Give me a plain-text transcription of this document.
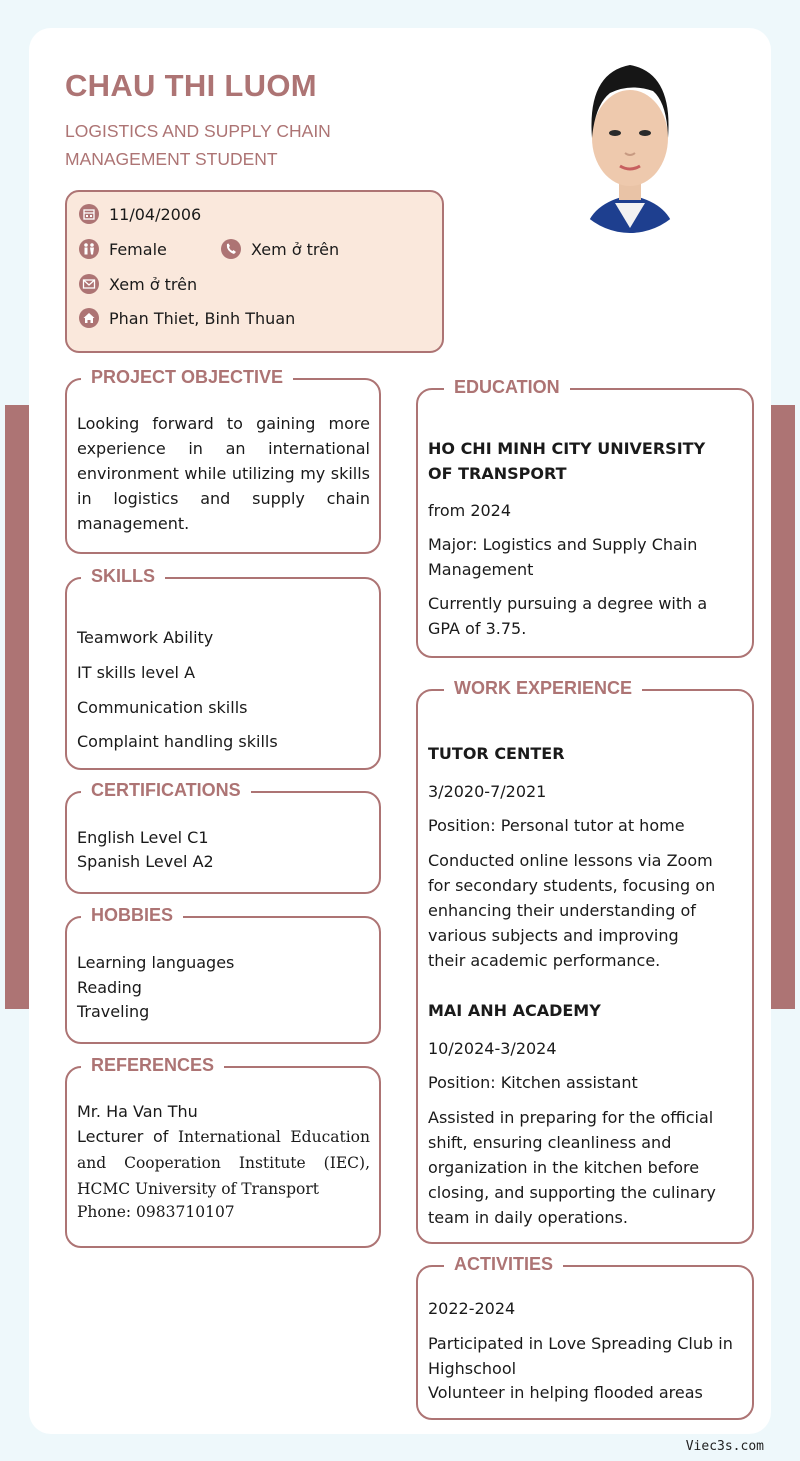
CHAU THI LUOM
LOGISTICS AND SUPPLY CHAIN MANAGEMENT STUDENT
11/04/2006
Female	Xem ở trên
Xem ở trên
Phan Thiet, Binh Thuan
PROJECT OBJECTIVE
Looking forward to gaining more experience in an international environment while utilizing my skills in logistics and supply chain management.
SKILLS
Teamwork Ability
IT skills level A
Communication skills
Complaint handling skills
CERTIFICATIONS
English Level C1
Spanish Level A2
HOBBIES
Learning languages
Reading
Traveling
REFERENCES
Mr. Ha Van Thu
Lecturer of International Education and Cooperation Institute (IEC), HCMC University of Transport
Phone: 0983710107
EDUCATION
HO CHI MINH CITY UNIVERSITY OF TRANSPORT
from 2024
Major: Logistics and Supply Chain Management
Currently pursuing a degree with a GPA of 3.75.
WORK EXPERIENCE
TUTOR CENTER
3/2020-7/2021
Position: Personal tutor at home
Conducted online lessons via Zoom for secondary students, focusing on enhancing their understanding of various subjects and improving their academic performance.
MAI ANH ACADEMY
10/2024-3/2024
Position: Kitchen assistant
Assisted in preparing for the official shift, ensuring cleanliness and organization in the kitchen before closing, and supporting the culinary team in daily operations.
ACTIVITIES
2022-2024
Participated in Love Spreading Club in Highschool
Volunteer in helping flooded areas
Viec3s.com
